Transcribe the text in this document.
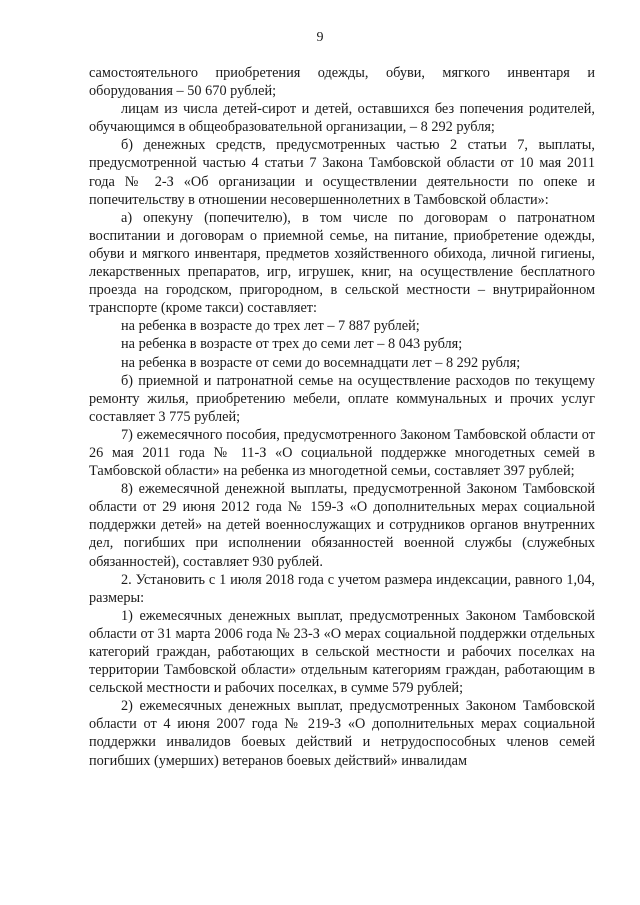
9

самостоятельного приобретения одежды, обуви, мягкого инвентаря и оборудования – 50 670 рублей;

лицам из числа детей-сирот и детей, оставшихся без попечения родителей, обучающимся в общеобразовательной организации, – 8 292 рубля;

б) денежных средств, предусмотренных частью 2 статьи 7, выплаты, предусмотренной частью 4 статьи 7 Закона Тамбовской области от 10 мая 2011 года № 2-З «Об организации и осуществлении деятельности по опеке и попечительству в отношении несовершеннолетних в Тамбовской области»:

а) опекуну (попечителю), в том числе по договорам о патронатном воспитании и договорам о приемной семье, на питание, приобретение одежды, обуви и мягкого инвентаря, предметов хозяйственного обихода, личной гигиены, лекарственных препаратов, игр, игрушек, книг, на осуществление бесплатного проезда на городском, пригородном, в сельской местности – внутрирайонном транспорте (кроме такси) составляет:

на ребенка в возрасте до трех лет – 7 887 рублей;

на ребенка в возрасте от трех до семи лет – 8 043 рубля;

на ребенка в возрасте от семи до восемнадцати лет – 8 292 рубля;

б) приемной и патронатной семье на осуществление расходов по текущему ремонту жилья, приобретению мебели, оплате коммунальных и прочих услуг составляет 3 775 рублей;

7) ежемесячного пособия, предусмотренного Законом Тамбовской области от 26 мая 2011 года № 11-З «О социальной поддержке многодетных семей в Тамбовской области» на ребенка из многодетной семьи, составляет 397 рублей;

8) ежемесячной денежной выплаты, предусмотренной Законом Тамбовской области от 29 июня 2012 года № 159-З «О дополнительных мерах социальной поддержки детей» на детей военнослужащих и сотрудников органов внутренних дел, погибших при исполнении обязанностей военной службы (служебных обязанностей), составляет 930 рублей.

2. Установить с 1 июля 2018 года с учетом размера индексации, равного 1,04, размеры:

1) ежемесячных денежных выплат, предусмотренных Законом Тамбовской области от 31 марта 2006 года № 23-З «О мерах социальной поддержки отдельных категорий граждан, работающих в сельской местности и рабочих поселках на территории Тамбовской области» отдельным категориям граждан, работающим в сельской местности и рабочих поселках, в сумме 579 рублей;

2) ежемесячных денежных выплат, предусмотренных Законом Тамбовской области от 4 июня 2007 года № 219-З «О дополнительных мерах социальной поддержки инвалидов боевых действий и нетрудоспособных членов семей погибших (умерших) ветеранов боевых действий» инвалидам
